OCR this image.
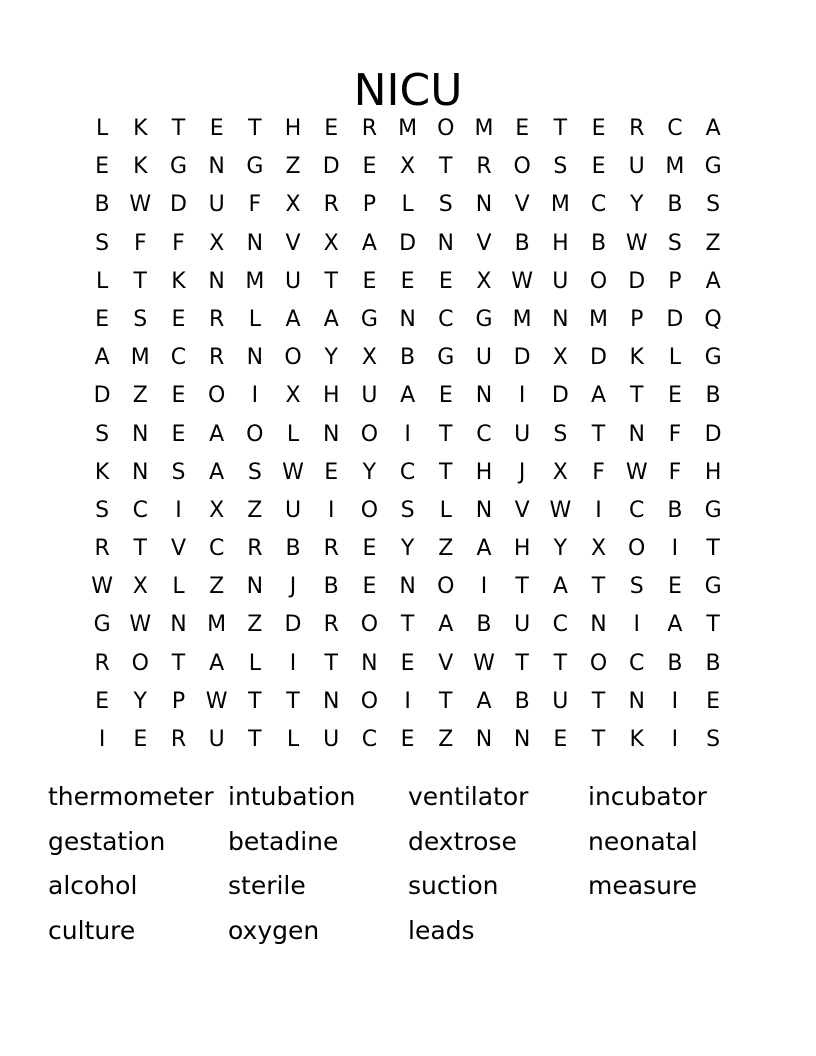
NICU
L	K	T	E	T	H	E	R M O M E	T	E	R	C	A
E	K	G N G	Z	D	E	X	T	R O	S	E	U M G
B W D U	F	X	R	P	L	S	N	V M C	Y	B	S
S	F	F	X	N	V	X	A	D N	V	B	H	B W S	Z
L	T	K	N M U	T	E	E	E	X W U O D	P	A
E	S	E	R	L	A	A	G N	C G M N M	P	D Q
A M C	R	N O	Y	X	B	G U D	X	D	K	L	G
D	Z	E	O	I	X	H U	A	E	N	I	D	A	T	E	B
S	N	E	A O	L	N O	I	T	C	U	S	T	N	F	D
K	N	S	A	S W E	Y	C	T	H	J	X	F W F	H
S	C	I	X	Z	U	I	O	S	L	N	V W	I	C	B	G
R	T	V	C	R	B	R	E	Y	Z	A	H	Y	X O	I	T
W X	L	Z	N	J	B	E	N O	I	T	A	T	S	E	G
G W N M Z	D	R O	T	A	B	U	C	N	I	A	T
R O	T	A	L	I	T	N	E	V W T	T	O C	B	B
E	Y	P W T	T	N O	I	T	A	B	U	T	N	I	E
I	E	R	U	T	L	U	C	E	Z	N N	E	T	K	I	S
thermometer intubation	ventilator	incubator
gestation	betadine	dextrose	neonatal
alcohol	sterile	suction	measure
culture	oxygen	leads
